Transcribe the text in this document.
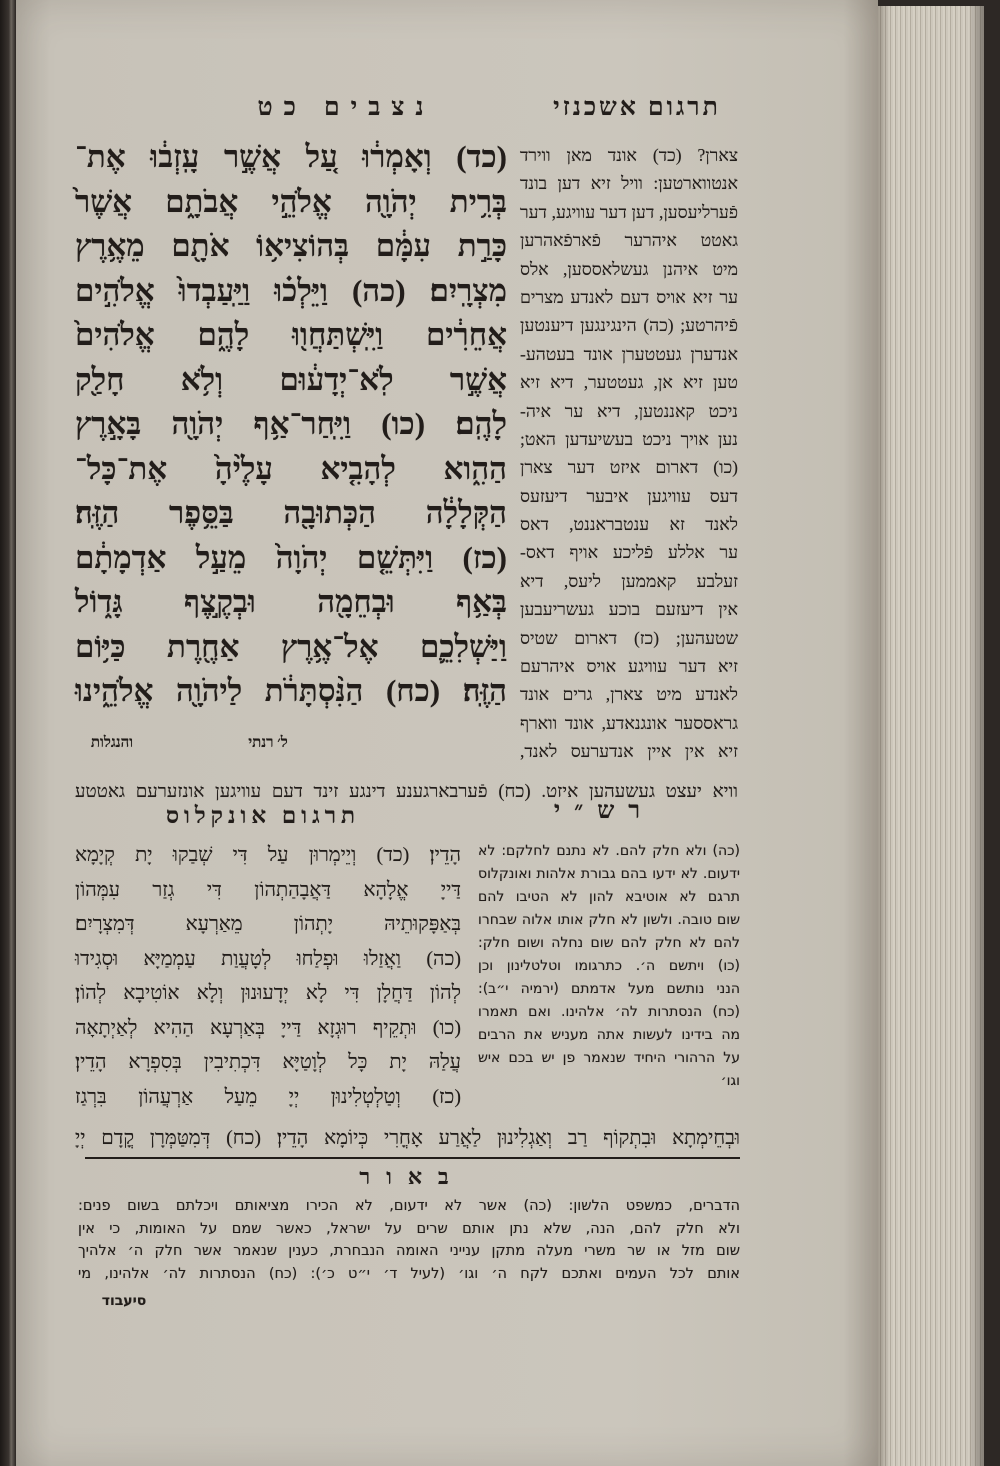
תרגום אשכנזי
נצבים כט
(כד) וְאָמְר֔וּ עַ֚ל אֲשֶׁ֣ר עָֽזְב֔וּ אֶת־
בְּרִ֥ית יְהֹוָ֖ה אֱלֹהֵ֣י אֲבֹתָ֑ם אֲשֶׁר֙
כָּרַ֣ת עִמָּ֔ם בְּהוֹצִיא֥וֹ אֹתָ֖ם מֵאֶ֥רֶץ
מִצְרָֽיִם׃ (כה) וַיֵּלְכ֗וּ וַיַּֽעַבְדוּ֙ אֱלֹהִ֣ים
אֲחֵרִ֔ים וַיִּֽשְׁתַּחֲו֖וּ לָהֶ֑ם אֱלֹהִים֙
אֲשֶׁ֣ר לֹֽא־יְדָע֔וּם וְלֹ֥א חָלַ֖ק
לָהֶֽם׃ (כו) וַיִּֽחַר־אַ֥ף יְהֹוָ֖ה בָּאָ֣רֶץ
הַהִ֑וא לְהָבִ֤יא עָלֶ֙יהָ֙ אֶת־כָּל־
הַקְּלָלָ֔ה הַכְּתוּבָ֖ה בַּסֵּ֥פֶר הַזֶּֽה׃
(כז) וַיִּתְּשֵׁ֤ם יְהֹוָה֙ מֵעַ֣ל אַדְמָתָ֔ם
בְּאַ֥ף וּבְחֵמָ֖ה וּבְקֶ֣צֶף גָּד֑וֹל
וַיַּשְׁלִכֵ֛ם אֶל־אֶ֥רֶץ אַחֶ֖רֶת כַּיּ֥וֹם
הַזֶּֽה׃ (כח) הַנִּ֨סְתָּרֹ֔ת לַיהֹוָ֖ה אֱלֹהֵ֑ינוּ
צארן? (כד) אונד מאן ווירד
אנטווארטען: וויל זיא דען בונד
פֿערליעסען, דען דער עוויגע, דער
גאטט איהרער פֿארפֿאהרען
מיט איהנן געשלאססען, אלס
ער זיא אויס דעם לאנדע מצרים
פֿיהרטע; (כה) הינגינגען דיענטען
אנדערן געטטערן אונד בעטהע-
טען זיא אן, געטטער, דיא זיא
ניכט קאננטען, דיא ער איה-
נען אויך ניכט בעשיעדען האט;
(כו) דארום איזט דער צארן
דעס עוויגען איבער דיעזעס
לאנד זא ענטבראננט, דאס
ער אללע פֿליכע אויף דאס-
זעלבע קאממען ליעס, דיא
אין דיעזעם בוכע געשריעבען
שטעהען; (כז) דארום שטיס
זיא דער עוויגע אויס איהרעם
לאנדע מיט צארן, גרים אונד
גראססער אונגנאדע, אונד ווארף
זיא אין איין אנדערעס לאנד,
ל׳ רנתי
והנגלות
וויא יעצט געשעהען איזט. (כח) פֿערבארגענע דינגע זינד דעם עוויגען אונזערעם גאטטע
תרגום אונקלוס	רש״י
הָדֵין׃ (כד) וְיֵימְרוּן עַל דִּי שְׁבַקוּ יָת קְיָמָא
דַּייָ אֱלָהָא דַּאֲבָהַתְהוֹן דִּי גְזַר עִמְּהוֹן
בְּאַפָּקוּתֵיהּ יָתְהוֹן מֵאַרְעָא דְּמִצְרָיִם׃
(כה) וַאֲזַלוּ וּפְלַחוּ לְטָעֲוַת עַמְמַיָּא וּסְגִידוּ
לְהוֹן דַּחֲלָן דִּי לָא יְדָעוּנוּן וְלָא אוֹטִיבָא לְהוֹן׃
(כו) וּתְקֵיף רוּגְזָא דַּייָ בְּאַרְעָא הַהִיא לְאַיְתָאָה
עֲלַהּ יָת כָּל לְוָטַיָּא דִּכְתִיבִין בְּסִפְרָא הָדֵין׃
(כז) וְטַלְטְלִינוּן יְיָ מֵעַל אַרְעֲהוֹן בִּרְגַז
(כה) ולא חלק להם. לא נתנם לחלקם: לא
ידעום. לא ידעו בהם גבורת אלהות ואונקלוס
תרגם לא אוטיבא להון לא הטיבו להם
שום טובה. ולשון לא חלק אותו אלוה שבחרו
להם לא חלק להם שום נחלה ושום חלק:
(כו) ויתשם ה׳. כתרגומו וטלטלינון וכן
הנני נותשם מעל אדמתם (ירמיה י״ב):
(כח) הנסתרות לה׳ אלהינו. ואם תאמרו
מה בידינו לעשות אתה מעניש את הרבים
על הרהורי היחיד שנאמר פן יש בכם איש
וגו׳
וּבְחֵימְתָא וּבִתְקוֹף רַב וְאַגְלִינוּן לַאֲרַע אָחֳרִי כְּיוֹמָא הָדֵין׃ (כח) דְּמִטַּמְּרָן קֳדָם יְיָ
באור
הדברים, כמשפט הלשון: (כה) אשר לא ידעום, לא הכירו מציאותם ויכלתם בשום פנים:
ולא חלק להם, הנה, שלא נתן אותם שרים על ישראל, כאשר שמם על האומות, כי אין
שום מזל או שר משרי מעלה מתקן ענייני האומה הנבחרת, כענין שנאמר אשר חלק ה׳ אלהיך
אותם לכל העמים ואתכם לקח ה׳ וגו׳ (לעיל ד׳ י״ט כ׳): (כח) הנסתרות לה׳ אלהינו, מי
סיעבוד
